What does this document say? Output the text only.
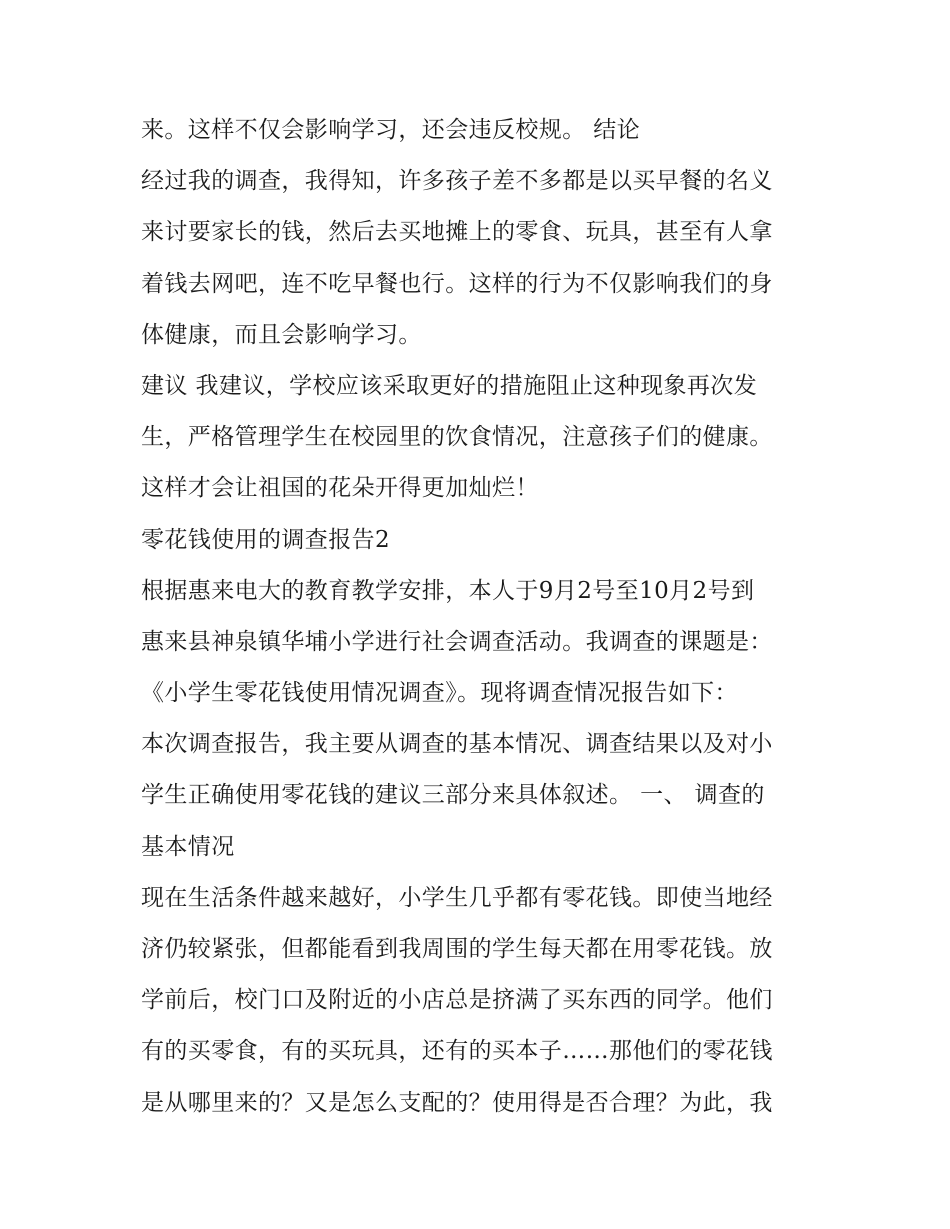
来。这样不仅会影响学习，还会违反校规。 结论
经过我的调查，我得知，许多孩子差不多都是以买早餐的名义
来讨要家长的钱，然后去买地摊上的零食、玩具，甚至有人拿
着钱去网吧，连不吃早餐也行。这样的行为不仅影响我们的身
体健康，而且会影响学习。
建议 我建议，学校应该采取更好的措施阻止这种现象再次发
生，严格管理学生在校园里的饮食情况，注意孩子们的健康。
这样才会让祖国的花朵开得更加灿烂！
零花钱使用的调查报告2
根据惠来电大的教育教学安排，本人于9月2号至10月2号到
惠来县神泉镇华埔小学进行社会调查活动。我调查的课题是：
《小学生零花钱使用情况调查》。现将调查情况报告如下：
本次调查报告，我主要从调查的基本情况、调查结果以及对小
学生正确使用零花钱的建议三部分来具体叙述。 一、 调查的
基本情况
现在生活条件越来越好，小学生几乎都有零花钱。即使当地经
济仍较紧张，但都能看到我周围的学生每天都在用零花钱。放
学前后，校门口及附近的小店总是挤满了买东西的同学。他们
有的买零食，有的买玩具，还有的买本子……那他们的零花钱
是从哪里来的？又是怎么支配的？使用得是否合理？为此，我
